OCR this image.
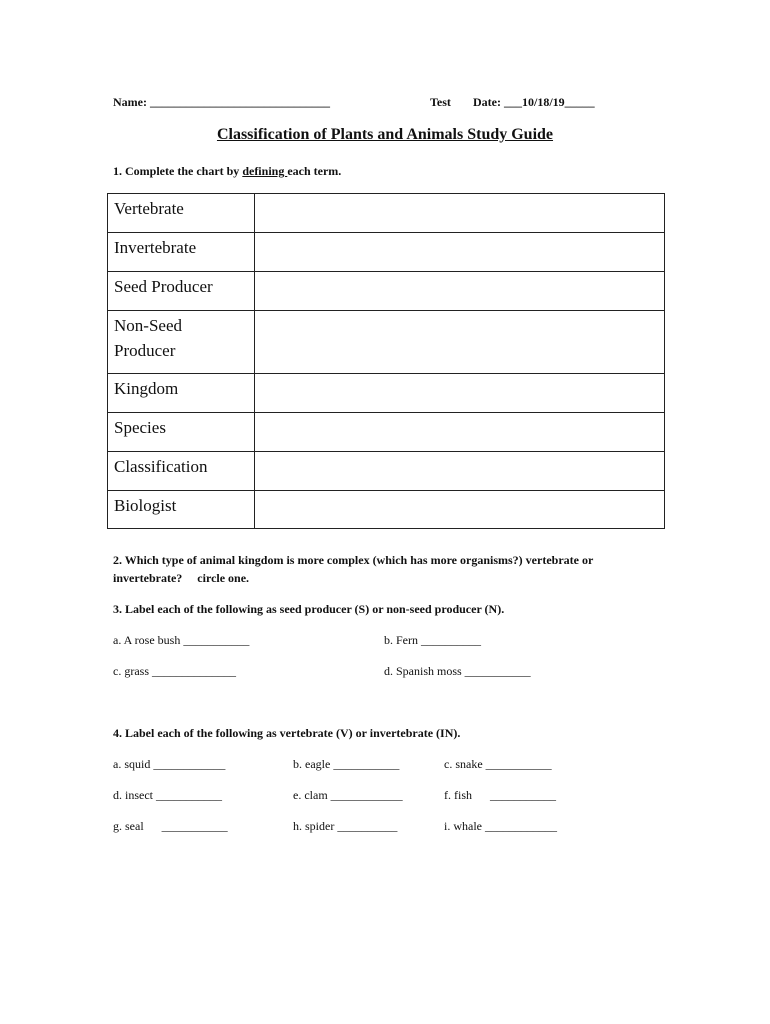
Name: ______________________________	Test Date: ___10/18/19_____
Classification of Plants and Animals Study Guide
1. Complete the chart by defining each term.
Vertebrate	
Invertebrate	
Seed Producer	

Non-Seed
Producer	

Kingdom	
Species	
Classification	
Biologist	
2. Which type of animal kingdom is more complex (which has more organisms?) vertebrate or
invertebrate?     circle one.
3. Label each of the following as seed producer (S) or non-seed producer (N).
a. A rose bush ___________	b. Fern __________
c. grass ______________	d. Spanish moss ___________
4. Label each of the following as vertebrate (V) or invertebrate (IN).
a. squid ____________	b. eagle ___________	c. snake ___________
d. insect ___________	e. clam ____________	f. fish      ___________
g. seal      ___________	h. spider __________	i. whale ____________
